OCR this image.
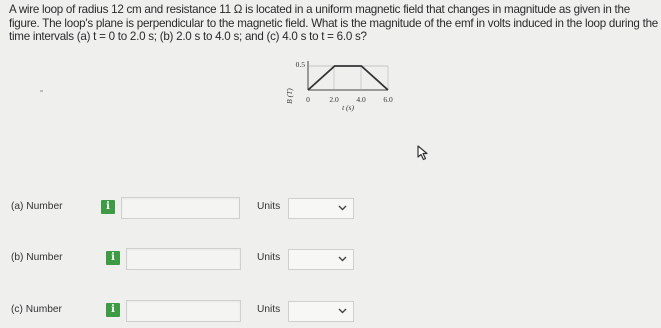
A wire loop of radius 12 cm and resistance 11 Ω is located in a uniform magnetic field that changes in magnitude as given in the figure. The loop's plane is perpendicular to the magnetic field. What is the magnitude of the emf in volts induced in the loop during the time intervals (a) t = 0 to 2.0 s; (b) 2.0 s to 4.0 s; and (c) 4.0 s to t = 6.0 s?
B (T)
0.5
0	2.0 4.0 6.0
t (s)
(a) Number	i	Units
(b) Number	i	Units
(c) Number	i	Units
